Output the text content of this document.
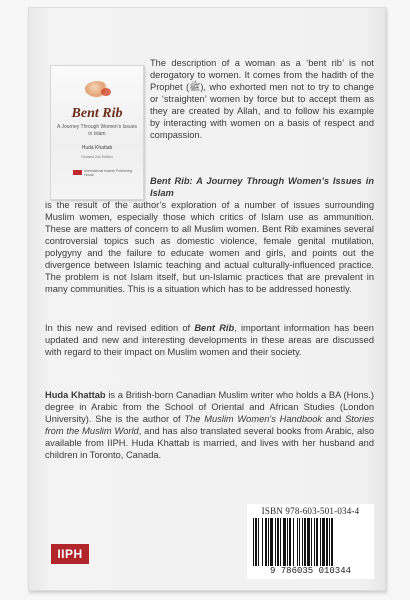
Bent Rib
A Journey Through Women's Issues in Islam
Huda Khattab
Revised 2nd Edition
International Islamic Publishing House

The description of a woman as a ‘bent rib’ is not derogatory to women. It comes from the hadith of the Prophet (ﷺ), who exhorted men not to try to change or ‘straighten’ women by force but to accept them as they are created by Allah, and to follow his example by interacting with women on a basis of respect and compassion.

Bent Rib: A Journey Through Women’s Issues in Islam
is the result of the author’s exploration of a number of issues surrounding Muslim women, especially those which critics of Islam use as ammunition. These are matters of concern to all Muslim women. Bent Rib examines several controversial topics such as domestic violence, female genital mutilation, polygyny and the failure to educate women and girls, and points out the divergence between Islamic teaching and actual culturally-influenced practice. The problem is not Islam itself, but un-Islamic practices that are prevalent in many communities. This is a situation which has to be addressed honestly.

In this new and revised edition of Bent Rib, important information has been updated and new and interesting developments in these areas are discussed with regard to their impact on Muslim women and their society.

Huda Khattab is a British-born Canadian Muslim writer who holds a BA (Hons.) degree in Arabic from the School of Oriental and African Studies (London University). She is the author of The Muslim Women's Handbook and Stories from the Muslim World, and has also translated several books from Arabic, also available from IIPH. Huda Khattab is married, and lives with her husband and children in Toronto, Canada.

ISBN 978-603-501-034-4
9 786035 010344
IIPH
